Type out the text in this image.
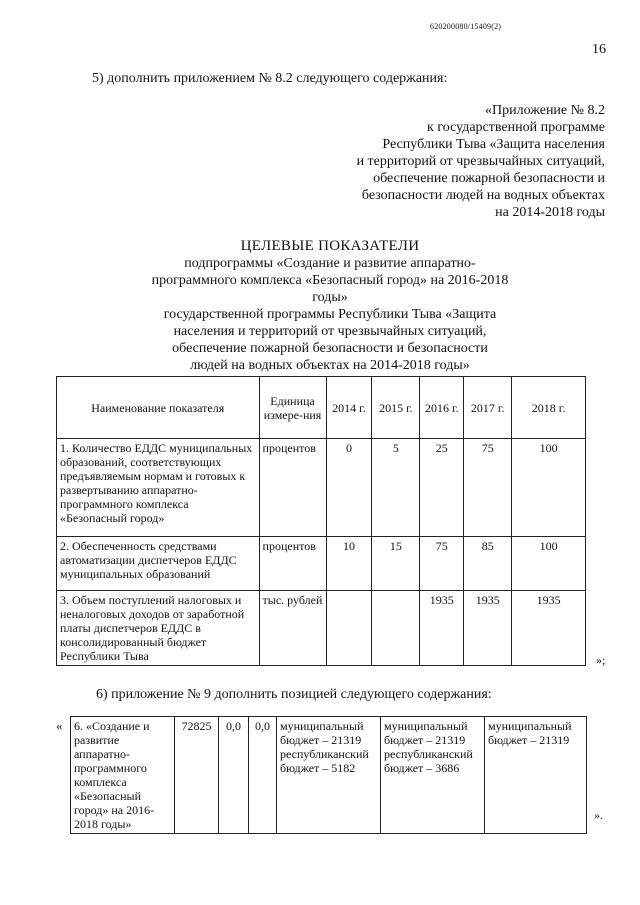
620200080/15409(2)
16
5) дополнить приложением № 8.2 следующего содержания:
«Приложение № 8.2
к государственной программе
Республики Тыва «Защита населения
и территорий от чрезвычайных ситуаций,
обеспечение пожарной безопасности и
безопасности людей на водных объектах
на 2014-2018 годы
ЦЕЛЕВЫЕ ПОКАЗАТЕЛИ
подпрограммы «Создание и развитие аппаратно-
программного комплекса «Безопасный город» на 2016-2018 годы»
государственной программы Республики Тыва «Защита
населения и территорий от чрезвычайных ситуаций,
обеспечение пожарной безопасности и безопасности
людей на водных объектах на 2014-2018 годы»
Наименование показателя	Единица измере-ния	2014 г.	2015 г.	2016 г.	2017 г.	2018 г.
1. Количество ЕДДС муниципальных образований, соответствующих предъявляемым нормам и готовых к развертыванию аппаратно-программного комплекса «Безопасный город»	процентов	0	5	25	75	100
2. Обеспеченность средствами автоматизации диспетчеров ЕДДС муниципальных образований	процентов	10	15	75	85	100
3. Объем поступлений налоговых и неналоговых доходов от заработной платы диспетчеров ЕДДС в консолидированный бюджет Республики Тыва	тыс. рублей			1935	1935	1935
»;
6) приложение № 9 дополнить позицией следующего содержания:
« 6. «Создание и развитие аппаратно-программного комплекса «Безопасный город» на 2016-2018 годы»	72825	0,0	0,0	муниципальный бюджет – 21319 республиканский бюджет – 5182	муниципальный бюджет – 21319 республиканский бюджет – 3686	муниципальный бюджет – 21319
».
